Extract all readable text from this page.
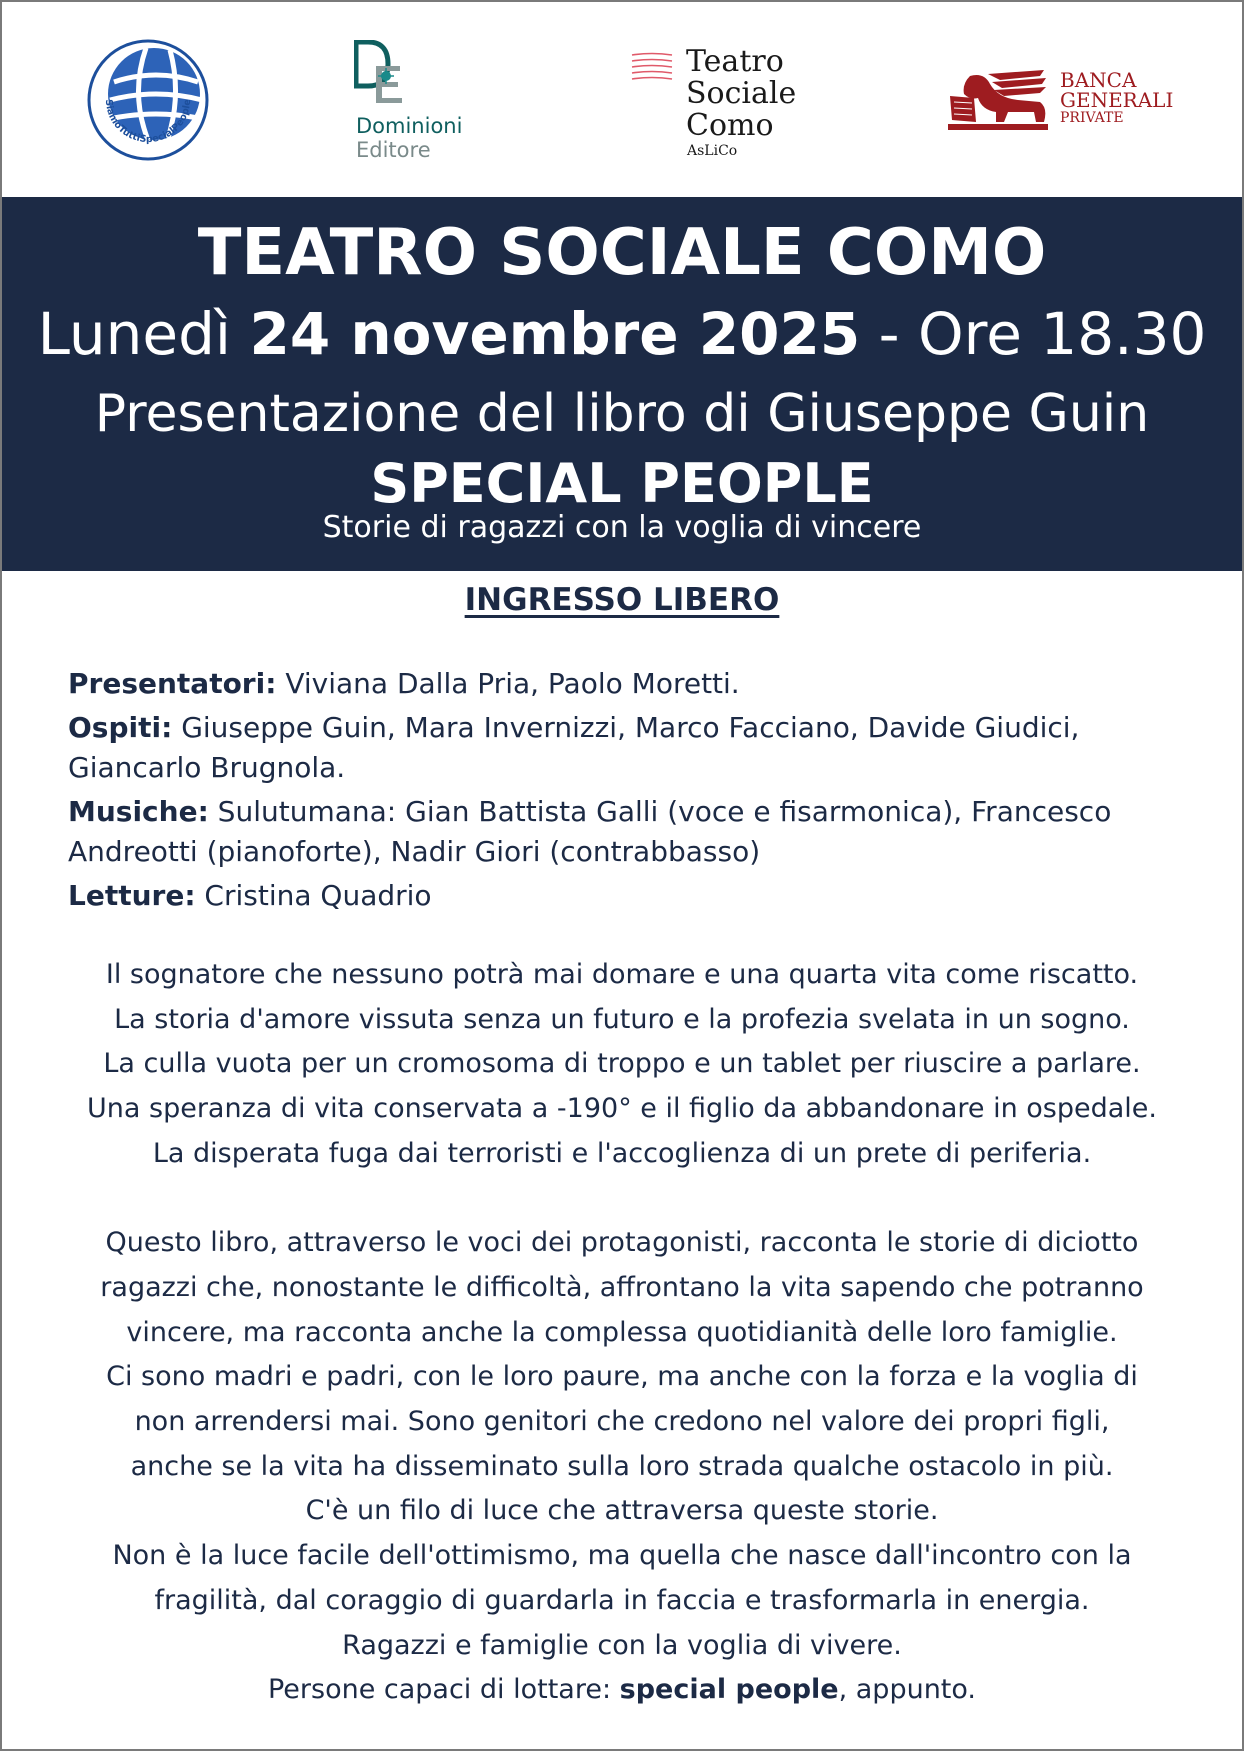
SiamoTuttiSpecialPeople
Dominioni
Editore
Teatro
Sociale
Como
AsLiCo
BANCA
GENERALI
PRIVATE
TEATRO SOCIALE COMO
Lunedì 24 novembre 2025 - Ore 18.30
Presentazione del libro di Giuseppe Guin
SPECIAL PEOPLE
Storie di ragazzi con la voglia di vincere
INGRESSO LIBERO
Presentatori: Viviana Dalla Pria, Paolo Moretti.
Ospiti: Giuseppe Guin, Mara Invernizzi, Marco Facciano, Davide Giudici,
Giancarlo Brugnola.
Musiche: Sulutumana: Gian Battista Galli (voce e fisarmonica), Francesco
Andreotti (pianoforte), Nadir Giori (contrabbasso)
Letture: Cristina Quadrio
Il sognatore che nessuno potrà mai domare e una quarta vita come riscatto.
La storia d'amore vissuta senza un futuro e la profezia svelata in un sogno.
La culla vuota per un cromosoma di troppo e un tablet per riuscire a parlare.
Una speranza di vita conservata a -190° e il figlio da abbandonare in ospedale.
La disperata fuga dai terroristi e l'accoglienza di un prete di periferia.
Questo libro, attraverso le voci dei protagonisti, racconta le storie di diciotto
ragazzi che, nonostante le difficoltà, affrontano la vita sapendo che potranno
vincere, ma racconta anche la complessa quotidianità delle loro famiglie.
Ci sono madri e padri, con le loro paure, ma anche con la forza e la voglia di
non arrendersi mai. Sono genitori che credono nel valore dei propri figli,
anche se la vita ha disseminato sulla loro strada qualche ostacolo in più.
C'è un filo di luce che attraversa queste storie.
Non è la luce facile dell'ottimismo, ma quella che nasce dall'incontro con la
fragilità, dal coraggio di guardarla in faccia e trasformarla in energia.
Ragazzi e famiglie con la voglia di vivere.
Persone capaci di lottare: special people, appunto.
